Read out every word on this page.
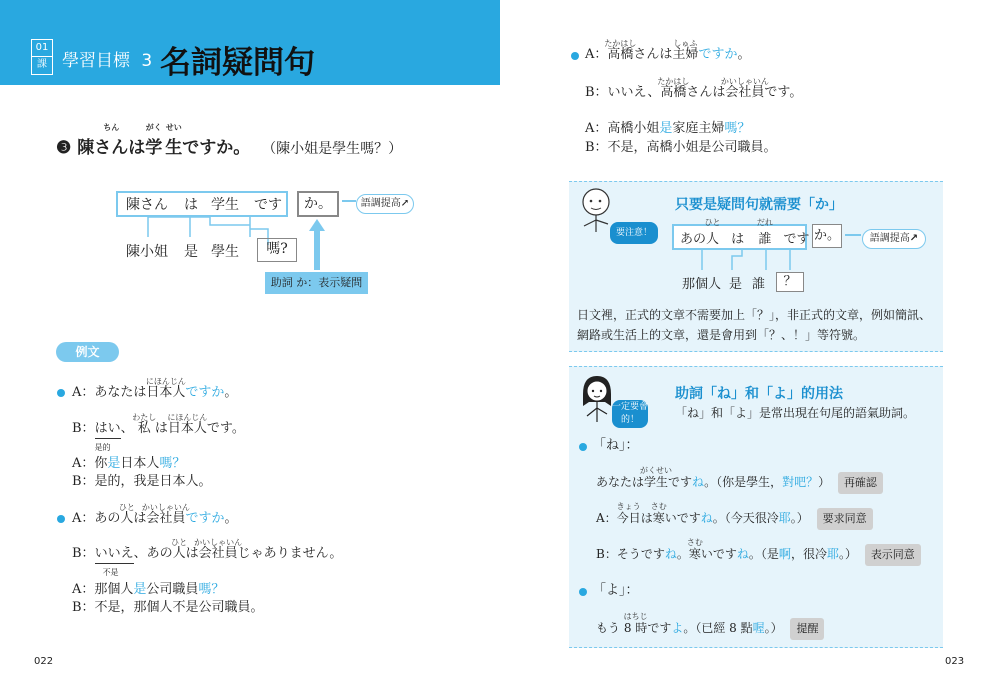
01
課 學習目標 3 名詞疑問句
❸
ちん
陳さんは
がく
学
せい
生ですか。 （陳小姐是學生嗎？）
陳さん は 学生 です	か。	語調提高↗
陳小姐 是 學生	嗎?
助詞 か：表示疑問
例文
A：あなたは
にほんじん
日本人ですか。
B：はい
是的
、
わたし
私 は
にほんじん
日本人です。
A：你是日本人嗎？
B：是的，我是日本人。
A：あの
ひと
人は
かいしゃいん
会社員ですか。
B：いいえ
不是
、あの
ひと
人は
かいしゃいん
会社員じゃありません。
A：那個人是公司職員嗎？
B：不是，那個人不是公司職員。
022
A：
たかはし
高橋さんは
しゅふ
主婦ですか。
B：いいえ、
たかはし
高橋さんは
かいしゃいん
会社員です。
A：高橋小姐是家庭主婦嗎？
B：不是，高橋小姐是公司職員。
要注意！
只要是疑問句就需要「か」
あの
ひと
人 は
だれ
誰 です か。	語調提高↗
那個人 是 誰	？
日文裡，正式的文章不需要加上「？」，非正式的文章，例如簡訊、網路或生活上的文章，還是會用到「？、！」等符號。
一定要會的！
助詞「ね」和「よ」的用法
「ね」和「よ」是常出現在句尾的語氣助詞。
「ね」：
あなたは
がくせい
学生ですね。（你是學生，對吧？） 再確認
A：
きょう
今日は
さむ
寒いですね。（今天很冷耶。） 要求同意
B：そうですね。
さむ
寒いですね。（是啊，很冷耶。） 表示同意
「よ」：
もう
はちじ
8 時ですよ。（已經 8 點喔。） 提醒
023
